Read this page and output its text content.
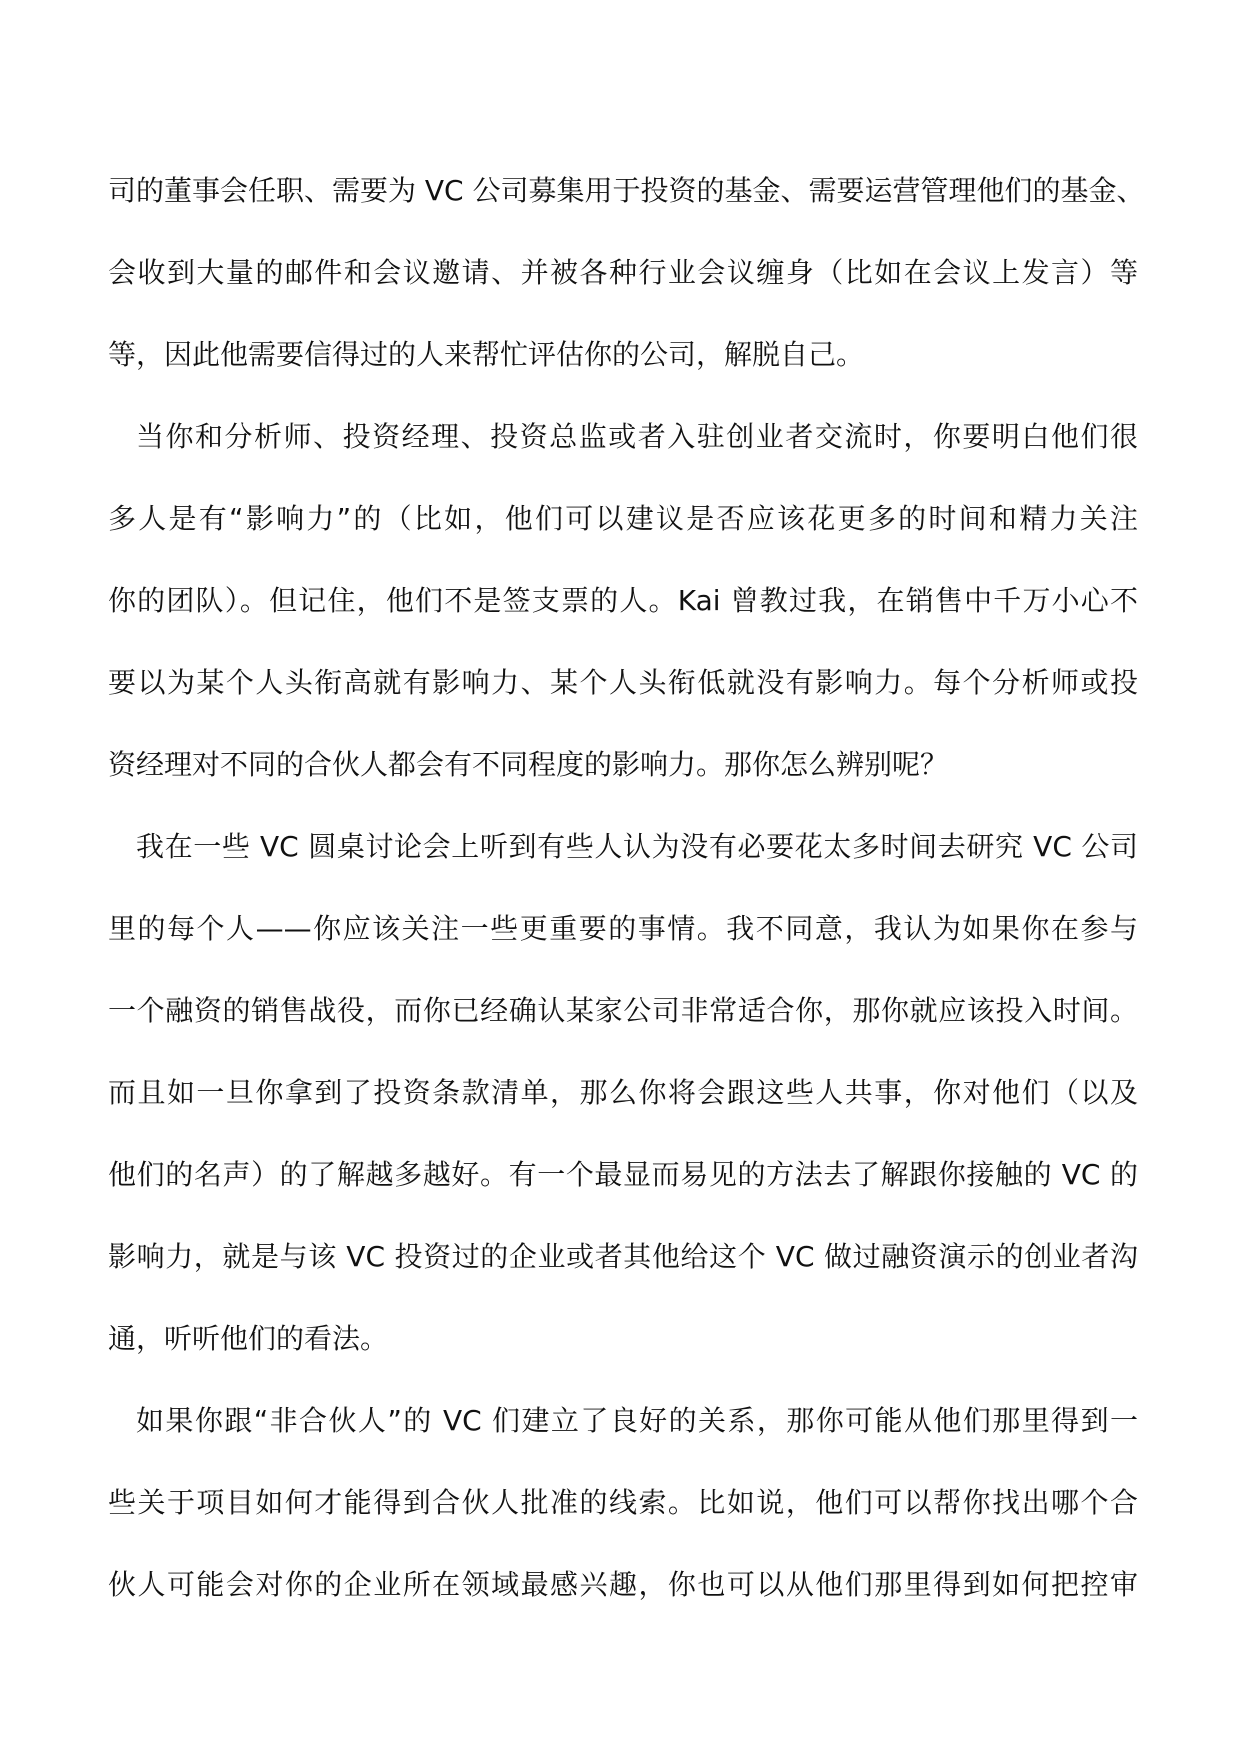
司的董事会任职、需要为 VC 公司募集用于投资的基金、需要运营管理他们的基金、
会收到大量的邮件和会议邀请、并被各种行业会议缠身（比如在会议上发言）等
等，因此他需要信得过的人来帮忙评估你的公司，解脱自己。
当你和分析师、投资经理、投资总监或者入驻创业者交流时，你要明白他们很
多人是有“影响力”的（比如，他们可以建议是否应该花更多的时间和精力关注
你的团队）。但记住，他们不是签支票的人。Kai 曾教过我，在销售中千万小心不
要以为某个人头衔高就有影响力、某个人头衔低就没有影响力。每个分析师或投
资经理对不同的合伙人都会有不同程度的影响力。那你怎么辨别呢？
我在一些 VC 圆桌讨论会上听到有些人认为没有必要花太多时间去研究 VC 公司
里的每个人——你应该关注一些更重要的事情。我不同意，我认为如果你在参与
一个融资的销售战役，而你已经确认某家公司非常适合你，那你就应该投入时间。
而且如一旦你拿到了投资条款清单，那么你将会跟这些人共事，你对他们（以及
他们的名声）的了解越多越好。有一个最显而易见的方法去了解跟你接触的 VC 的
影响力，就是与该 VC 投资过的企业或者其他给这个 VC 做过融资演示的创业者沟
通，听听他们的看法。
如果你跟“非合伙人”的 VC 们建立了良好的关系，那你可能从他们那里得到一
些关于项目如何才能得到合伙人批准的线索。比如说，他们可以帮你找出哪个合
伙人可能会对你的企业所在领域最感兴趣，你也可以从他们那里得到如何把控审
